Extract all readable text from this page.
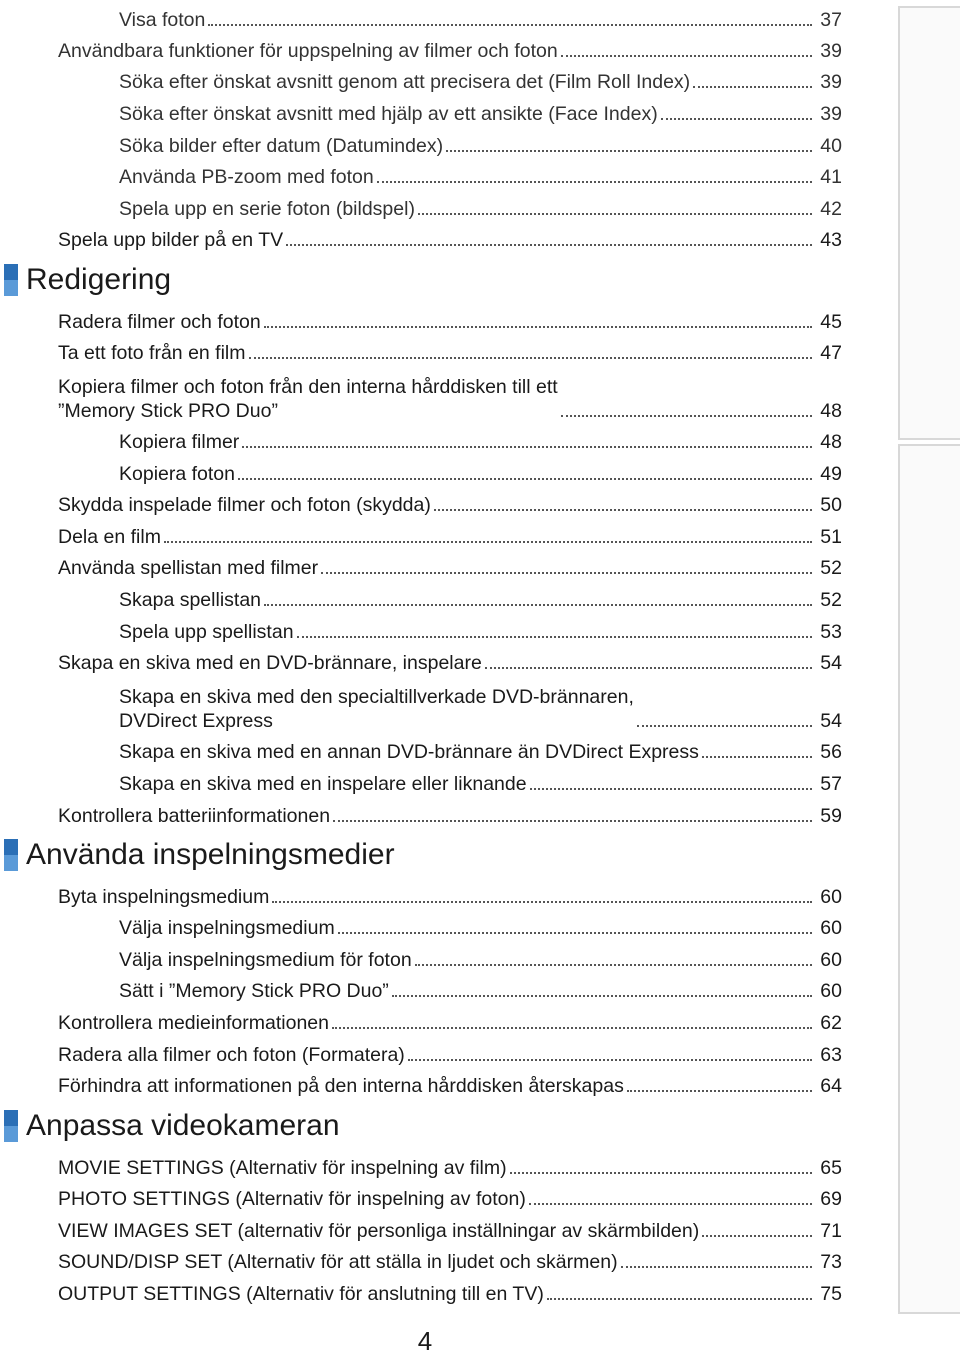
Visa foton	37
Användbara funktioner för uppspelning av filmer och foton	39
Söka efter önskat avsnitt genom att precisera det (Film Roll Index)	39
Söka efter önskat avsnitt med hjälp av ett ansikte (Face Index)	39
Söka bilder efter datum (Datumindex)	40
Använda PB-zoom med foton	41
Spela upp en serie foton (bildspel)	42
Spela upp bilder på en TV	43
Redigering
Radera filmer och foton	45
Ta ett foto från en film	47
Kopiera filmer och foton från den interna hårddisken till ett
”Memory Stick PRO Duo”	48
Kopiera filmer	48
Kopiera foton	49
Skydda inspelade filmer och foton (skydda)	50
Dela en film	51
Använda spellistan med filmer	52
Skapa spellistan	52
Spela upp spellistan	53
Skapa en skiva med en DVD-brännare, inspelare	54
Skapa en skiva med den specialtillverkade DVD-brännaren,
DVDirect Express	54
Skapa en skiva med en annan DVD-brännare än DVDirect Express	56
Skapa en skiva med en inspelare eller liknande	57
Kontrollera batteriinformationen	59
Använda inspelningsmedier
Byta inspelningsmedium	60
Välja inspelningsmedium	60
Välja inspelningsmedium för foton	60
Sätt i ”Memory Stick PRO Duo”	60
Kontrollera medieinformationen	62
Radera alla filmer och foton (Formatera)	63
Förhindra att informationen på den interna hårddisken återskapas	64
Anpassa videokameran
MOVIE SETTINGS (Alternativ för inspelning av film)	65
PHOTO SETTINGS (Alternativ för inspelning av foton)	69
VIEW IMAGES SET (alternativ för personliga inställningar av skärmbilden)	71
SOUND/DISP SET (Alternativ för att ställa in ljudet och skärmen)	73
OUTPUT SETTINGS (Alternativ för anslutning till en TV)	75
4
